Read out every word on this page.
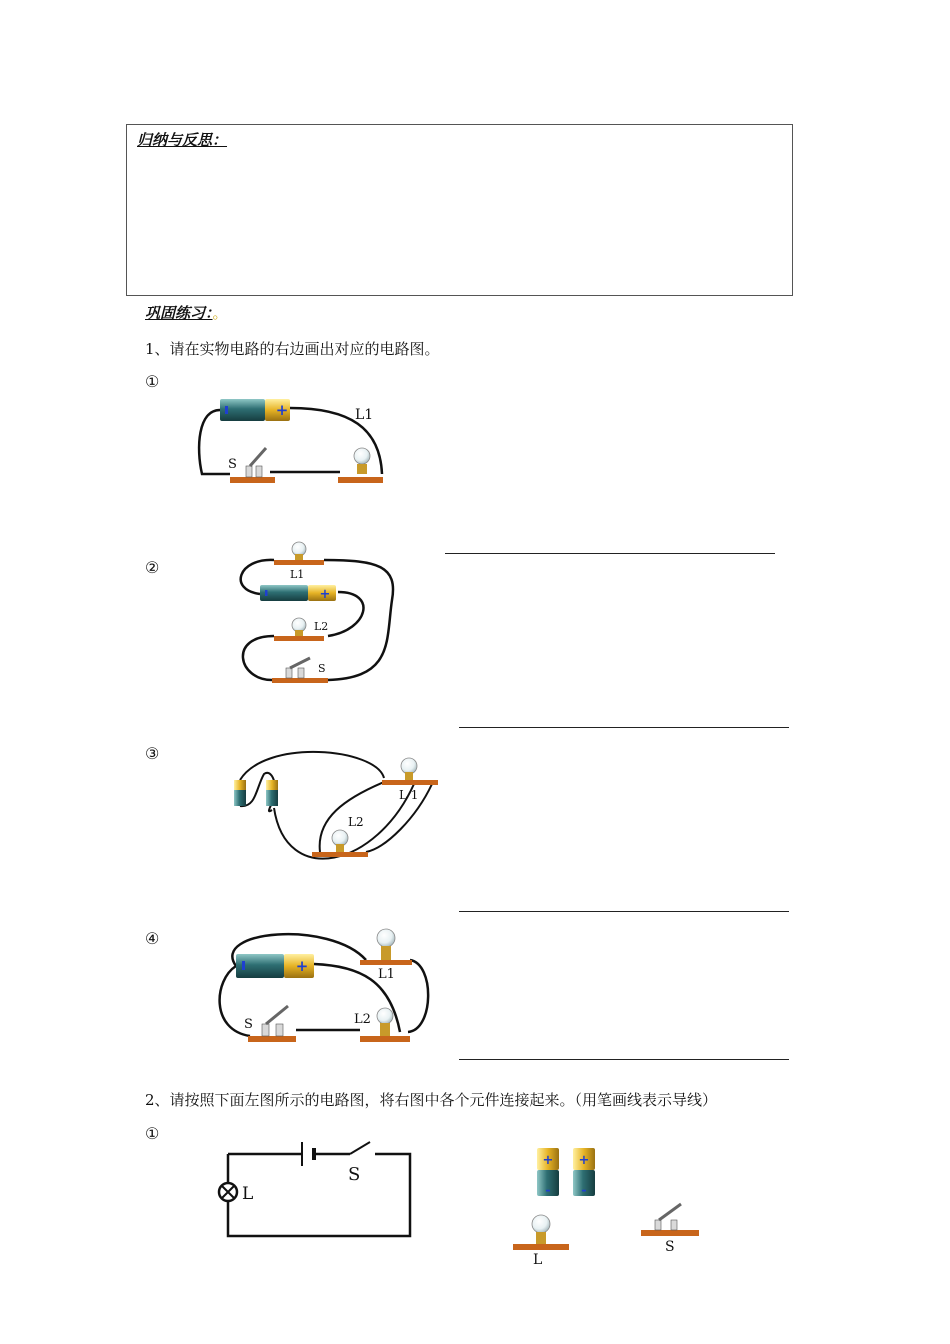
归纳与反思：
巩固练习：。
1、请在实物电路的右边画出对应的电路图。
①
②
③
④
+
S
L1
L1
+
L2
S
L 1
L2
+	L1
S	L2
2、请按照下面左图所示的电路图，将右图中各个元件连接起来。（用笔画线表示导线）
①
S
L
+
-
+
-
L
S
